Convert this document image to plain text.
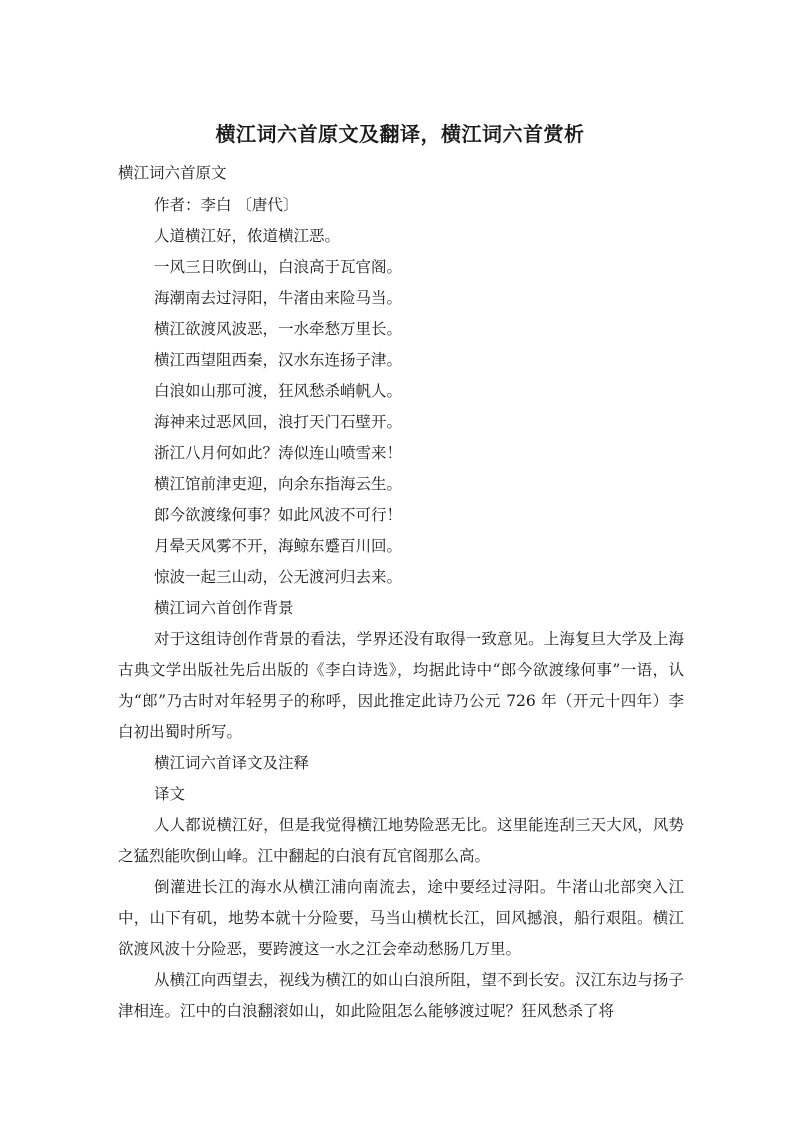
横江词六首原文及翻译，横江词六首赏析
横江词六首原文

作者：李白 〔唐代〕

人道横江好，侬道横江恶。

一风三日吹倒山，白浪高于瓦官阁。

海潮南去过浔阳，牛渚由来险马当。

横江欲渡风波恶，一水牵愁万里长。

横江西望阻西秦，汉水东连扬子津。

白浪如山那可渡，狂风愁杀峭帆人。

海神来过恶风回，浪打天门石壁开。

浙江八月何如此？涛似连山喷雪来！

横江馆前津吏迎，向余东指海云生。

郎今欲渡缘何事？如此风波不可行！

月晕天风雾不开，海鲸东蹙百川回。

惊波一起三山动，公无渡河归去来。

横江词六首创作背景

对于这组诗创作背景的看法，学界还没有取得一致意见。上海复旦大学及上海古典文学出版社先后出版的《李白诗选》，均据此诗中“郎今欲渡缘何事”一语，认为“郎”乃古时对年轻男子的称呼，因此推定此诗乃公元 726 年（开元十四年）李白初出蜀时所写。

横江词六首译文及注释

译文

人人都说横江好，但是我觉得横江地势险恶无比。这里能连刮三天大风，风势之猛烈能吹倒山峰。江中翻起的白浪有瓦官阁那么高。

倒灌进长江的海水从横江浦向南流去，途中要经过浔阳。牛渚山北部突入江中，山下有矶，地势本就十分险要，马当山横枕长江，回风撼浪，船行艰阻。横江欲渡风波十分险恶，要跨渡这一水之江会牵动愁肠几万里。

从横江向西望去，视线为横江的如山白浪所阻，望不到长安。汉江东边与扬子津相连。江中的白浪翻滚如山，如此险阻怎么能够渡过呢？狂风愁杀了将
